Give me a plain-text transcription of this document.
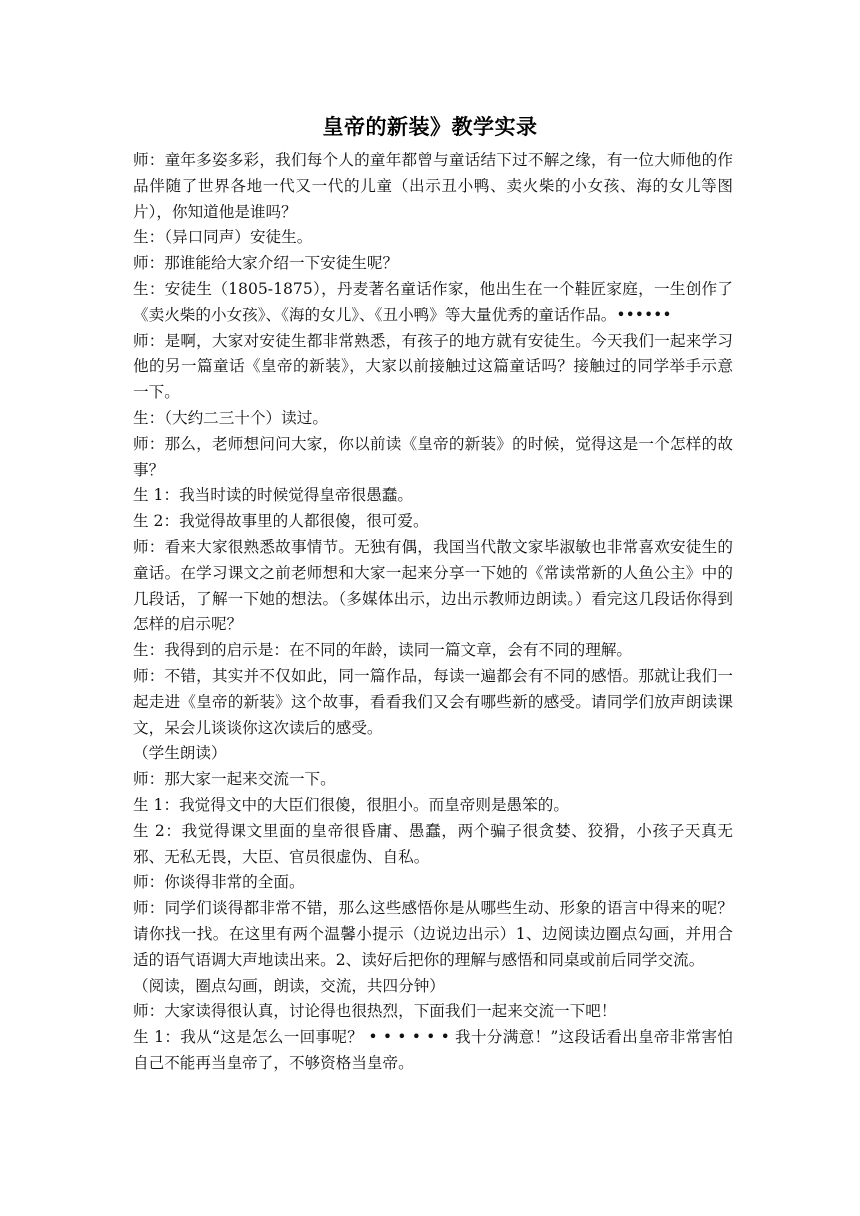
皇帝的新装》教学实录

师：童年多姿多彩，我们每个人的童年都曾与童话结下过不解之缘，有一位大师他的作品伴随了世界各地一代又一代的儿童（出示丑小鸭、卖火柴的小女孩、海的女儿等图片），你知道他是谁吗？

生：（异口同声）安徒生。

师：那谁能给大家介绍一下安徒生呢？

生：安徒生（1805-1875），丹麦著名童话作家，他出生在一个鞋匠家庭，一生创作了《卖火柴的小女孩》、《海的女儿》、《丑小鸭》等大量优秀的童话作品。••••••

师：是啊，大家对安徒生都非常熟悉，有孩子的地方就有安徒生。今天我们一起来学习他的另一篇童话《皇帝的新装》，大家以前接触过这篇童话吗？接触过的同学举手示意一下。

生：（大约二三十个）读过。

师：那么，老师想问问大家，你以前读《皇帝的新装》的时候，觉得这是一个怎样的故事？

生 1：我当时读的时候觉得皇帝很愚蠢。

生 2：我觉得故事里的人都很傻，很可爱。

师：看来大家很熟悉故事情节。无独有偶，我国当代散文家毕淑敏也非常喜欢安徒生的童话。在学习课文之前老师想和大家一起来分享一下她的《常读常新的人鱼公主》中的几段话，了解一下她的想法。（多媒体出示，边出示教师边朗读。）看完这几段话你得到怎样的启示呢？

生：我得到的启示是：在不同的年龄，读同一篇文章，会有不同的理解。

师：不错，其实并不仅如此，同一篇作品，每读一遍都会有不同的感悟。那就让我们一起走进《皇帝的新装》这个故事，看看我们又会有哪些新的感受。请同学们放声朗读课文，呆会儿谈谈你这次读后的感受。

（学生朗读）

师：那大家一起来交流一下。

生 1：我觉得文中的大臣们很傻，很胆小。而皇帝则是愚笨的。

生 2：我觉得课文里面的皇帝很昏庸、愚蠢，两个骗子很贪婪、狡猾，小孩子天真无邪、无私无畏，大臣、官员很虚伪、自私。

师：你谈得非常的全面。

师：同学们谈得都非常不错，那么这些感悟你是从哪些生动、形象的语言中得来的呢？请你找一找。在这里有两个温馨小提示（边说边出示）1、边阅读边圈点勾画，并用合适的语气语调大声地读出来。2、读好后把你的理解与感悟和同桌或前后同学交流。

（阅读，圈点勾画，朗读，交流，共四分钟）

师：大家读得很认真，讨论得也很热烈，下面我们一起来交流一下吧！

生 1：我从“这是怎么一回事呢？ • • • • • • 我十分满意！”这段话看出皇帝非常害怕自己不能再当皇帝了，不够资格当皇帝。
